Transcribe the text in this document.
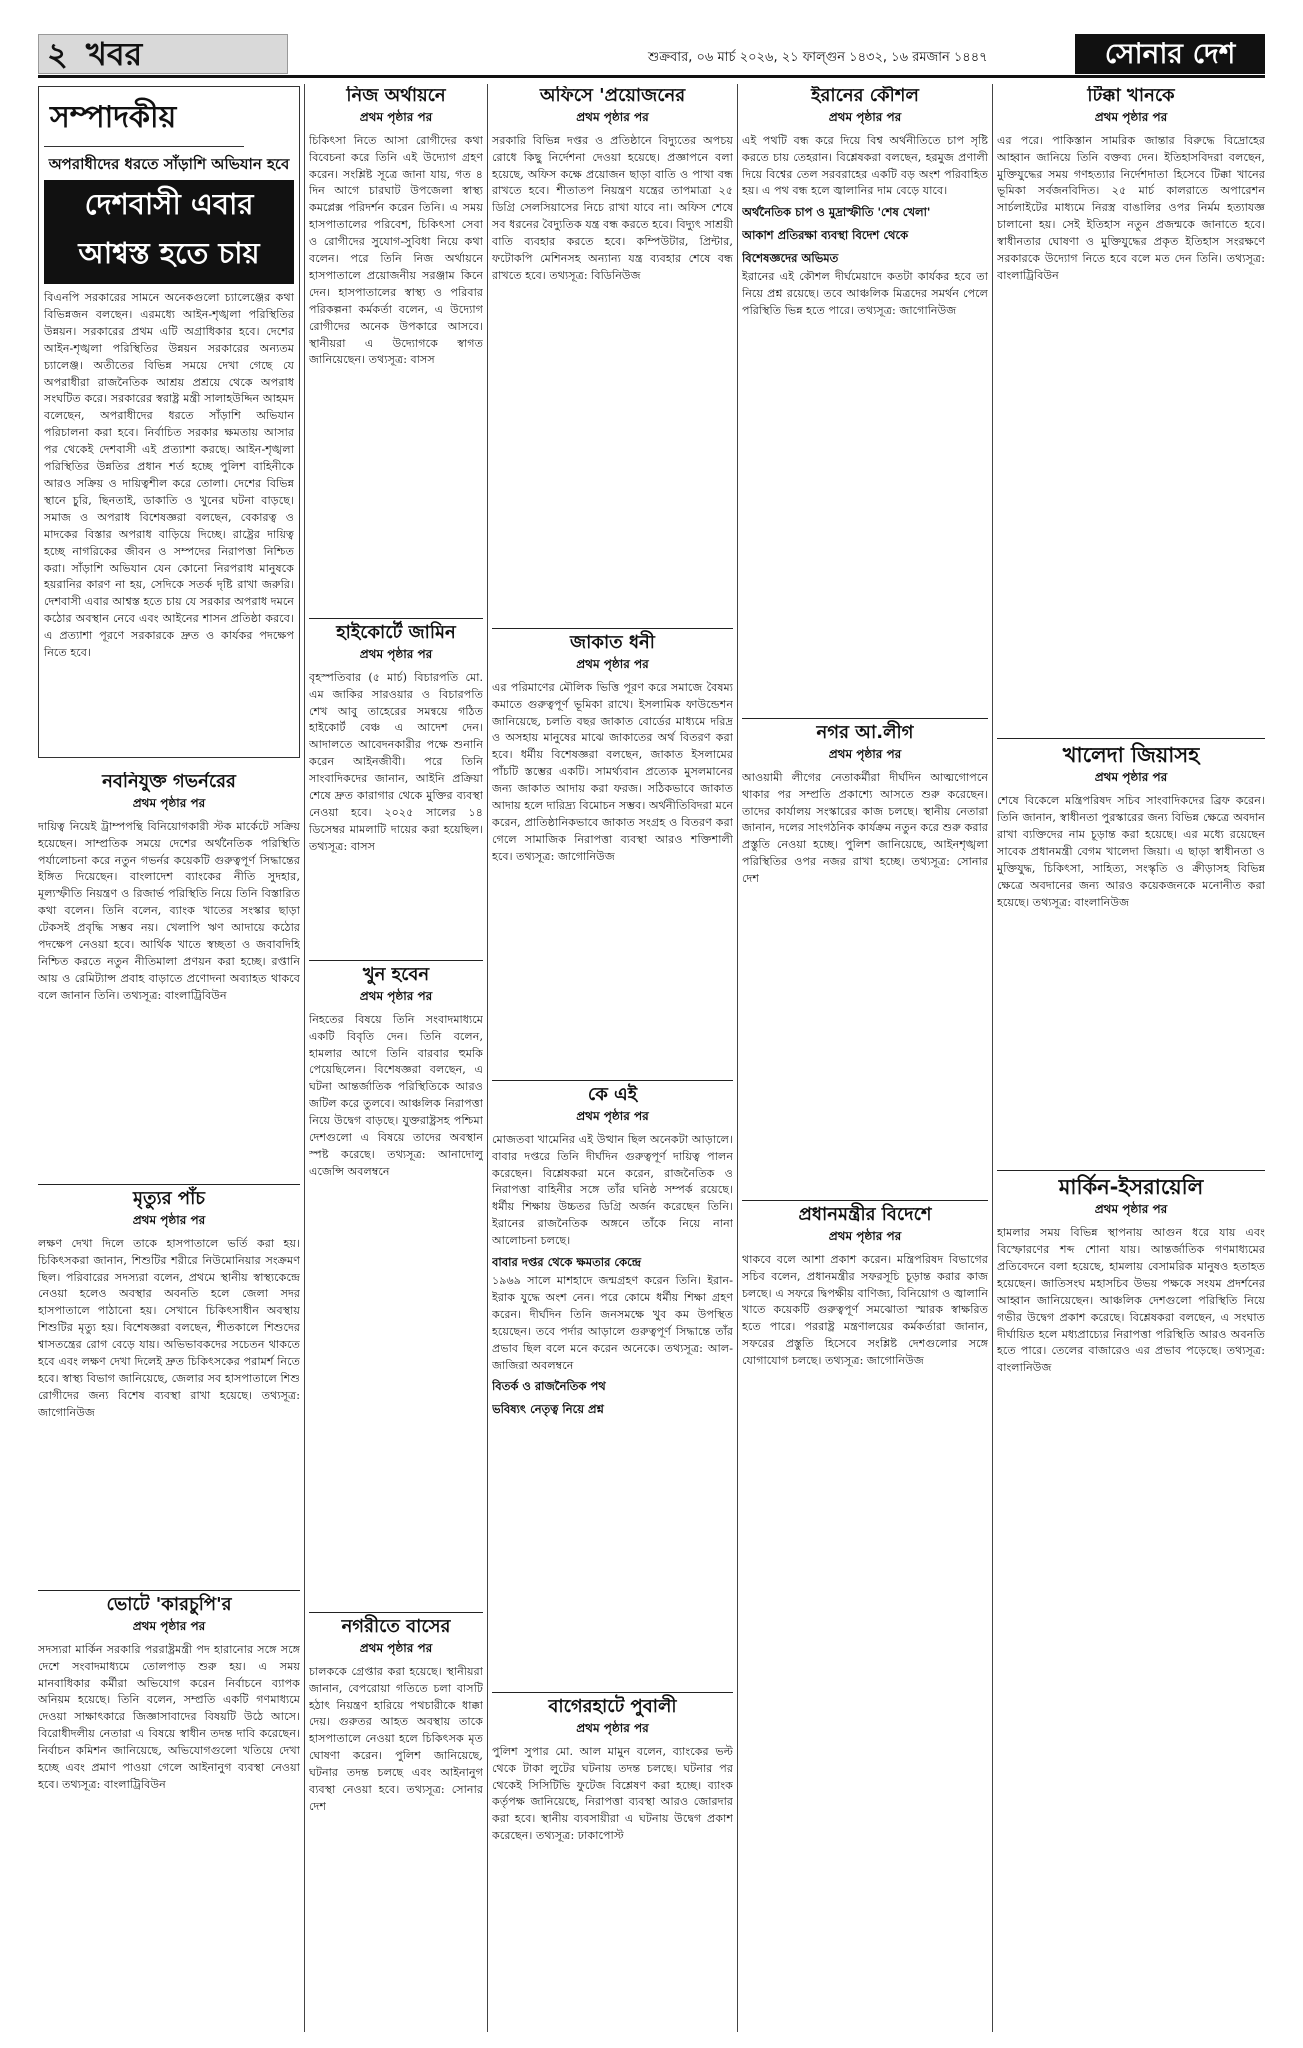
২ খবর	শুক্রবার, ০৬ মার্চ ২০২৬, ২১ ফাল্গুন ১৪৩২, ১৬ রমজান ১৪৪৭	সোনার দেশ
সম্পাদকীয়
অপরাধীদের ধরতে সাঁড়াশি অভিযান হবে
দেশবাসী এবার আশ্বস্ত হতে চায়
বিএনপি সরকারের সামনে অনেকগুলো চ্যালেঞ্জের কথা বিভিন্নজন বলছেন। এরমধ্যে আইন-শৃঙ্খলা পরিস্থিতির উন্নয়ন। সরকারের প্রথম এটি অগ্রাধিকার হবে। দেশের আইন-শৃঙ্খলা পরিস্থিতির উন্নয়ন সরকারের অন্যতম চ্যালেঞ্জ। অতীতের বিভিন্ন সময়ে দেখা গেছে যে অপরাধীরা রাজনৈতিক আশ্রয় প্রশ্রয়ে থেকে অপরাধ সংঘটিত করে। সরকারের স্বরাষ্ট্র মন্ত্রী সালাহউদ্দিন আহমদ বলেছেন, অপরাধীদের ধরতে সাঁড়াশি অভিযান পরিচালনা করা হবে। নির্বাচিত সরকার ক্ষমতায় আসার পর থেকেই দেশবাসী এই প্রত্যাশা করছে। আইন-শৃঙ্খলা পরিস্থিতির উন্নতির প্রধান শর্ত হচ্ছে পুলিশ বাহিনীকে আরও সক্রিয় ও দায়িত্বশীল করে তোলা। দেশের বিভিন্ন স্থানে চুরি, ছিনতাই, ডাকাতি ও খুনের ঘটনা বাড়ছে। সমাজ ও অপরাধ বিশেষজ্ঞরা বলছেন, বেকারত্ব ও মাদকের বিস্তার অপরাধ বাড়িয়ে দিচ্ছে। রাষ্ট্রের দায়িত্ব হচ্ছে নাগরিকের জীবন ও সম্পদের নিরাপত্তা নিশ্চিত করা। সাঁড়াশি অভিযান যেন কোনো নিরপরাধ মানুষকে হয়রানির কারণ না হয়, সেদিকে সতর্ক দৃষ্টি রাখা জরুরি। দেশবাসী এবার আশ্বস্ত হতে চায় যে সরকার অপরাধ দমনে কঠোর অবস্থান নেবে এবং আইনের শাসন প্রতিষ্ঠা করবে। এ প্রত্যাশা পূরণে সরকারকে দ্রুত ও কার্যকর পদক্ষেপ নিতে হবে।
নবনিযুক্ত গভর্নরের
প্রথম পৃষ্ঠার পর
দায়িত্ব নিয়েই ট্রাম্পপন্থি বিনিয়োগকারী স্টক মার্কেটে সক্রিয় হয়েছেন। সাম্প্রতিক সময়ে দেশের অর্থনৈতিক পরিস্থিতি পর্যালোচনা করে নতুন গভর্নর কয়েকটি গুরুত্বপূর্ণ সিদ্ধান্তের ইঙ্গিত দিয়েছেন। বাংলাদেশ ব্যাংকের নীতি সুদহার, মূল্যস্ফীতি নিয়ন্ত্রণ ও রিজার্ভ পরিস্থিতি নিয়ে তিনি বিস্তারিত কথা বলেন। তিনি বলেন, ব্যাংক খাতের সংস্কার ছাড়া টেকসই প্রবৃদ্ধি সম্ভব নয়। খেলাপি ঋণ আদায়ে কঠোর পদক্ষেপ নেওয়া হবে। আর্থিক খাতে স্বচ্ছতা ও জবাবদিহি নিশ্চিত করতে নতুন নীতিমালা প্রণয়ন করা হচ্ছে। রপ্তানি আয় ও রেমিট্যান্স প্রবাহ বাড়াতে প্রণোদনা অব্যাহত থাকবে বলে জানান তিনি। তথ্যসূত্র: বাংলাট্রিবিউন
মৃত্যুর পাঁচ
প্রথম পৃষ্ঠার পর
লক্ষণ দেখা দিলে তাকে হাসপাতালে ভর্তি করা হয়। চিকিৎসকরা জানান, শিশুটির শরীরে নিউমোনিয়ার সংক্রমণ ছিল। পরিবারের সদস্যরা বলেন, প্রথমে স্থানীয় স্বাস্থ্যকেন্দ্রে নেওয়া হলেও অবস্থার অবনতি হলে জেলা সদর হাসপাতালে পাঠানো হয়। সেখানে চিকিৎসাধীন অবস্থায় শিশুটির মৃত্যু হয়। বিশেষজ্ঞরা বলছেন, শীতকালে শিশুদের শ্বাসতন্ত্রের রোগ বেড়ে যায়। অভিভাবকদের সচেতন থাকতে হবে এবং লক্ষণ দেখা দিলেই দ্রুত চিকিৎসকের পরামর্শ নিতে হবে। স্বাস্থ্য বিভাগ জানিয়েছে, জেলার সব হাসপাতালে শিশু রোগীদের জন্য বিশেষ ব্যবস্থা রাখা হয়েছে। তথ্যসূত্র: জাগোনিউজ
ভোটে 'কারচুপি'র
প্রথম পৃষ্ঠার পর
সদস্যরা মার্কিন সরকারি পররাষ্ট্রমন্ত্রী পদ হারানোর সঙ্গে সঙ্গে দেশে সংবাদমাধ্যমে তোলপাড় শুরু হয়। এ সময় মানবাধিকার কর্মীরা অভিযোগ করেন নির্বাচনে ব্যাপক অনিয়ম হয়েছে। তিনি বলেন, সম্প্রতি একটি গণমাধ্যমে দেওয়া সাক্ষাৎকারে জিজ্ঞাসাবাদের বিষয়টি উঠে আসে। বিরোধীদলীয় নেতারা এ বিষয়ে স্বাধীন তদন্ত দাবি করেছেন। নির্বাচন কমিশন জানিয়েছে, অভিযোগগুলো খতিয়ে দেখা হচ্ছে এবং প্রমাণ পাওয়া গেলে আইনানুগ ব্যবস্থা নেওয়া হবে। তথ্যসূত্র: বাংলাট্রিবিউন
নিজ অর্থায়নে
প্রথম পৃষ্ঠার পর
চিকিৎসা নিতে আসা রোগীদের কথা বিবেচনা করে তিনি এই উদ্যোগ গ্রহণ করেন। সংশ্লিষ্ট সূত্রে জানা যায়, গত ৪ দিন আগে চারঘাট উপজেলা স্বাস্থ্য কমপ্লেক্স পরিদর্শন করেন তিনি। এ সময় হাসপাতালের পরিবেশ, চিকিৎসা সেবা ও রোগীদের সুযোগ-সুবিধা নিয়ে কথা বলেন। পরে তিনি নিজ অর্থায়নে হাসপাতালে প্রয়োজনীয় সরঞ্জাম কিনে দেন। হাসপাতালের স্বাস্থ্য ও পরিবার পরিকল্পনা কর্মকর্তা বলেন, এ উদ্যোগ রোগীদের অনেক উপকারে আসবে। স্থানীয়রা এ উদ্যোগকে স্বাগত জানিয়েছেন। তথ্যসূত্র: বাসস
হাইকোর্টে জামিন
প্রথম পৃষ্ঠার পর
বৃহস্পতিবার (৫ মার্চ) বিচারপতি মো. এম জাকির সারওয়ার ও বিচারপতি শেখ আবু তাহেরের সমন্বয়ে গঠিত হাইকোর্ট বেঞ্চ এ আদেশ দেন। আদালতে আবেদনকারীর পক্ষে শুনানি করেন আইনজীবী। পরে তিনি সাংবাদিকদের জানান, আইনি প্রক্রিয়া শেষে দ্রুত কারাগার থেকে মুক্তির ব্যবস্থা নেওয়া হবে। ২০২৫ সালের ১৪ ডিসেম্বর মামলাটি দায়ের করা হয়েছিল। তথ্যসূত্র: বাসস
খুন হবেন
প্রথম পৃষ্ঠার পর
নিহতের বিষয়ে তিনি সংবাদমাধ্যমে একটি বিবৃতি দেন। তিনি বলেন, হামলার আগে তিনি বারবার হুমকি পেয়েছিলেন। বিশেষজ্ঞরা বলছেন, এ ঘটনা আন্তর্জাতিক পরিস্থিতিকে আরও জটিল করে তুলবে। আঞ্চলিক নিরাপত্তা নিয়ে উদ্বেগ বাড়ছে। যুক্তরাষ্ট্রসহ পশ্চিমা দেশগুলো এ বিষয়ে তাদের অবস্থান স্পষ্ট করেছে। তথ্যসূত্র: আনাদোলু এজেন্সি অবলম্বনে
নগরীতে বাসের
প্রথম পৃষ্ঠার পর
চালককে গ্রেপ্তার করা হয়েছে। স্থানীয়রা জানান, বেপরোয়া গতিতে চলা বাসটি হঠাৎ নিয়ন্ত্রণ হারিয়ে পথচারীকে ধাক্কা দেয়। গুরুতর আহত অবস্থায় তাকে হাসপাতালে নেওয়া হলে চিকিৎসক মৃত ঘোষণা করেন। পুলিশ জানিয়েছে, ঘটনার তদন্ত চলছে এবং আইনানুগ ব্যবস্থা নেওয়া হবে। তথ্যসূত্র: সোনার দেশ
অফিসে 'প্রয়োজনের
প্রথম পৃষ্ঠার পর
সরকারি বিভিন্ন দপ্তর ও প্রতিষ্ঠানে বিদ্যুতের অপচয় রোধে কিছু নির্দেশনা দেওয়া হয়েছে। প্রজ্ঞাপনে বলা হয়েছে, অফিস কক্ষে প্রয়োজন ছাড়া বাতি ও পাখা বন্ধ রাখতে হবে। শীতাতপ নিয়ন্ত্রণ যন্ত্রের তাপমাত্রা ২৫ ডিগ্রি সেলসিয়াসের নিচে রাখা যাবে না। অফিস শেষে সব ধরনের বৈদ্যুতিক যন্ত্র বন্ধ করতে হবে। বিদ্যুৎ সাশ্রয়ী বাতি ব্যবহার করতে হবে। কম্পিউটার, প্রিন্টার, ফটোকপি মেশিনসহ অন্যান্য যন্ত্র ব্যবহার শেষে বন্ধ রাখতে হবে। তথ্যসূত্র: বিডিনিউজ
জাকাত ধনী
প্রথম পৃষ্ঠার পর
এর পরিমাণের মৌলিক ভিত্তি পূরণ করে সমাজে বৈষম্য কমাতে গুরুত্বপূর্ণ ভূমিকা রাখে। ইসলামিক ফাউন্ডেশন জানিয়েছে, চলতি বছর জাকাত বোর্ডের মাধ্যমে দরিদ্র ও অসহায় মানুষের মাঝে জাকাতের অর্থ বিতরণ করা হবে। ধর্মীয় বিশেষজ্ঞরা বলছেন, জাকাত ইসলামের পাঁচটি স্তম্ভের একটি। সামর্থ্যবান প্রত্যেক মুসলমানের জন্য জাকাত আদায় করা ফরজ। সঠিকভাবে জাকাত আদায় হলে দারিদ্র্য বিমোচন সম্ভব। অর্থনীতিবিদরা মনে করেন, প্রাতিষ্ঠানিকভাবে জাকাত সংগ্রহ ও বিতরণ করা গেলে সামাজিক নিরাপত্তা ব্যবস্থা আরও শক্তিশালী হবে। তথ্যসূত্র: জাগোনিউজ
কে এই
প্রথম পৃষ্ঠার পর
মোজতবা খামেনির এই উত্থান ছিল অনেকটা আড়ালে। বাবার দপ্তরে তিনি দীর্ঘদিন গুরুত্বপূর্ণ দায়িত্ব পালন করেছেন। বিশ্লেষকরা মনে করেন, রাজনৈতিক ও নিরাপত্তা বাহিনীর সঙ্গে তাঁর ঘনিষ্ঠ সম্পর্ক রয়েছে। ধর্মীয় শিক্ষায় উচ্চতর ডিগ্রি অর্জন করেছেন তিনি। ইরানের রাজনৈতিক অঙ্গনে তাঁকে নিয়ে নানা আলোচনা চলছে।
বাবার দপ্তর থেকে ক্ষমতার কেন্দ্রে
১৯৬৯ সালে মাশহাদে জন্মগ্রহণ করেন তিনি। ইরান-ইরাক যুদ্ধে অংশ নেন। পরে কোমে ধর্মীয় শিক্ষা গ্রহণ করেন। দীর্ঘদিন তিনি জনসমক্ষে খুব কম উপস্থিত হয়েছেন। তবে পর্দার আড়ালে গুরুত্বপূর্ণ সিদ্ধান্তে তাঁর প্রভাব ছিল বলে মনে করেন অনেকে। তথ্যসূত্র: আল-জাজিরা অবলম্বনে
বিতর্ক ও রাজনৈতিক পথ
ভবিষ্যৎ নেতৃত্ব নিয়ে প্রশ্ন
বাগেরহাটে পুবালী
প্রথম পৃষ্ঠার পর
পুলিশ সুপার মো. আল মামুন বলেন, ব্যাংকের ভল্ট থেকে টাকা লুটের ঘটনায় তদন্ত চলছে। ঘটনার পর থেকেই সিসিটিভি ফুটেজ বিশ্লেষণ করা হচ্ছে। ব্যাংক কর্তৃপক্ষ জানিয়েছে, নিরাপত্তা ব্যবস্থা আরও জোরদার করা হবে। স্থানীয় ব্যবসায়ীরা এ ঘটনায় উদ্বেগ প্রকাশ করেছেন। তথ্যসূত্র: ঢাকাপোস্ট
ইরানের কৌশল
প্রথম পৃষ্ঠার পর
এই পথটি বন্ধ করে দিয়ে বিশ্ব অর্থনীতিতে চাপ সৃষ্টি করতে চায় তেহরান। বিশ্লেষকরা বলছেন, হরমুজ প্রণালী দিয়ে বিশ্বের তেল সরবরাহের একটি বড় অংশ পরিবাহিত হয়। এ পথ বন্ধ হলে জ্বালানির দাম বেড়ে যাবে।
অর্থনৈতিক চাপ ও মুদ্রাস্ফীতি 'শেষ খেলা'
আকাশ প্রতিরক্ষা ব্যবস্থা বিদেশ থেকে
বিশেষজ্ঞদের অভিমত
ইরানের এই কৌশল দীর্ঘমেয়াদে কতটা কার্যকর হবে তা নিয়ে প্রশ্ন রয়েছে। তবে আঞ্চলিক মিত্রদের সমর্থন পেলে পরিস্থিতি ভিন্ন হতে পারে। তথ্যসূত্র: জাগোনিউজ
নগর আ.লীগ
প্রথম পৃষ্ঠার পর
আওয়ামী লীগের নেতাকর্মীরা দীর্ঘদিন আত্মগোপনে থাকার পর সম্প্রতি প্রকাশ্যে আসতে শুরু করেছেন। তাদের কার্যালয় সংস্কারের কাজ চলছে। স্থানীয় নেতারা জানান, দলের সাংগঠনিক কার্যক্রম নতুন করে শুরু করার প্রস্তুতি নেওয়া হচ্ছে। পুলিশ জানিয়েছে, আইনশৃঙ্খলা পরিস্থিতির ওপর নজর রাখা হচ্ছে। তথ্যসূত্র: সোনার দেশ
প্রধানমন্ত্রীর বিদেশে
প্রথম পৃষ্ঠার পর
থাকবে বলে আশা প্রকাশ করেন। মন্ত্রিপরিষদ বিভাগের সচিব বলেন, প্রধানমন্ত্রীর সফরসূচি চূড়ান্ত করার কাজ চলছে। এ সফরে দ্বিপক্ষীয় বাণিজ্য, বিনিয়োগ ও জ্বালানি খাতে কয়েকটি গুরুত্বপূর্ণ সমঝোতা স্মারক স্বাক্ষরিত হতে পারে। পররাষ্ট্র মন্ত্রণালয়ের কর্মকর্তারা জানান, সফরের প্রস্তুতি হিসেবে সংশ্লিষ্ট দেশগুলোর সঙ্গে যোগাযোগ চলছে। তথ্যসূত্র: জাগোনিউজ
টিক্কা খানকে
প্রথম পৃষ্ঠার পর
এর পরে। পাকিস্তান সামরিক জান্তার বিরুদ্ধে বিদ্রোহের আহ্বান জানিয়ে তিনি বক্তব্য দেন। ইতিহাসবিদরা বলছেন, মুক্তিযুদ্ধের সময় গণহত্যার নির্দেশদাতা হিসেবে টিক্কা খানের ভূমিকা সর্বজনবিদিত। ২৫ মার্চ কালরাতে অপারেশন সার্চলাইটের মাধ্যমে নিরস্ত্র বাঙালির ওপর নির্মম হত্যাযজ্ঞ চালানো হয়। সেই ইতিহাস নতুন প্রজন্মকে জানাতে হবে। স্বাধীনতার ঘোষণা ও মুক্তিযুদ্ধের প্রকৃত ইতিহাস সংরক্ষণে সরকারকে উদ্যোগ নিতে হবে বলে মত দেন তিনি। তথ্যসূত্র: বাংলাট্রিবিউন
খালেদা জিয়াসহ
প্রথম পৃষ্ঠার পর
শেষে বিকেলে মন্ত্রিপরিষদ সচিব সাংবাদিকদের ব্রিফ করেন। তিনি জানান, স্বাধীনতা পুরস্কারের জন্য বিভিন্ন ক্ষেত্রে অবদান রাখা ব্যক্তিদের নাম চূড়ান্ত করা হয়েছে। এর মধ্যে রয়েছেন সাবেক প্রধানমন্ত্রী বেগম খালেদা জিয়া। এ ছাড়া স্বাধীনতা ও মুক্তিযুদ্ধ, চিকিৎসা, সাহিত্য, সংস্কৃতি ও ক্রীড়াসহ বিভিন্ন ক্ষেত্রে অবদানের জন্য আরও কয়েকজনকে মনোনীত করা হয়েছে। তথ্যসূত্র: বাংলানিউজ
মার্কিন-ইসরায়েলি
প্রথম পৃষ্ঠার পর
হামলার সময় বিভিন্ন স্থাপনায় আগুন ধরে যায় এবং বিস্ফোরণের শব্দ শোনা যায়। আন্তর্জাতিক গণমাধ্যমের প্রতিবেদনে বলা হয়েছে, হামলায় বেসামরিক মানুষও হতাহত হয়েছেন। জাতিসংঘ মহাসচিব উভয় পক্ষকে সংযম প্রদর্শনের আহ্বান জানিয়েছেন। আঞ্চলিক দেশগুলো পরিস্থিতি নিয়ে গভীর উদ্বেগ প্রকাশ করেছে। বিশ্লেষকরা বলছেন, এ সংঘাত দীর্ঘায়িত হলে মধ্যপ্রাচ্যের নিরাপত্তা পরিস্থিতি আরও অবনতি হতে পারে। তেলের বাজারেও এর প্রভাব পড়েছে। তথ্যসূত্র: বাংলানিউজ
